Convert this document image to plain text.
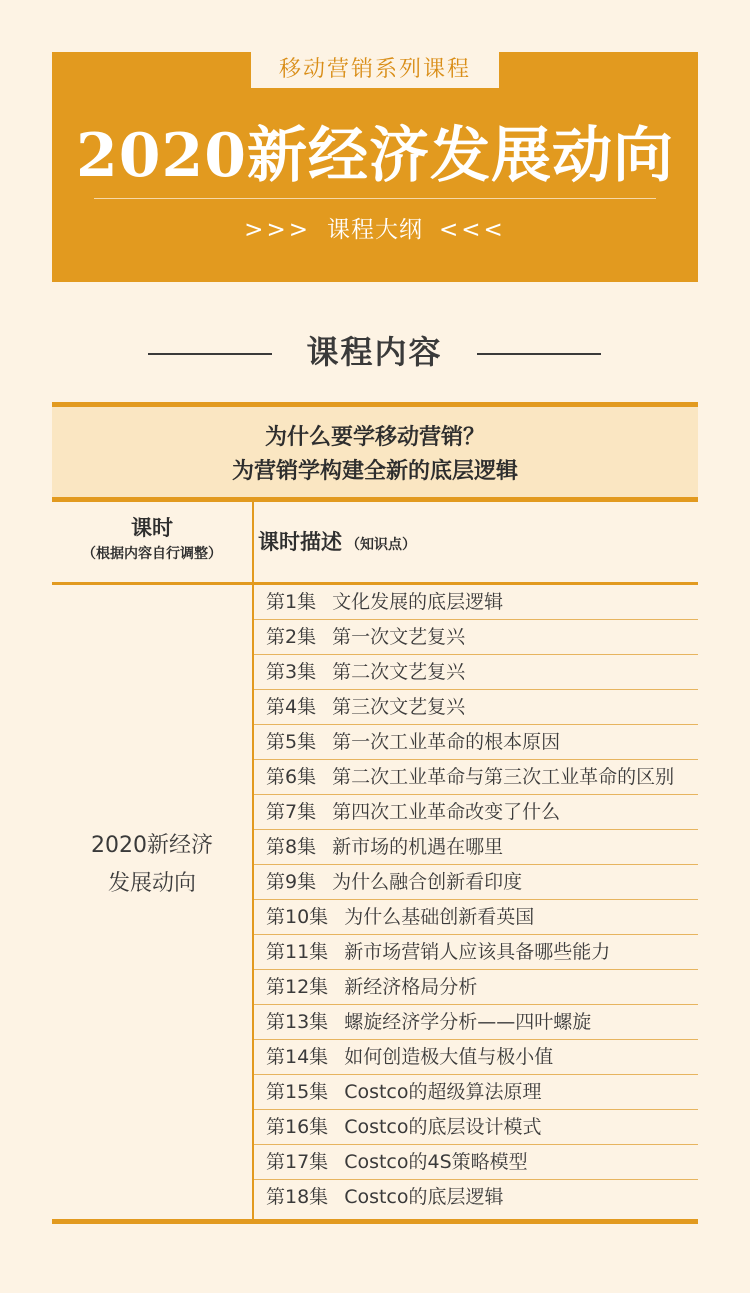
移动营销系列课程
2020新经济发展动向
>>> 课程大纲 <<<
课程内容
为什么要学移动营销？
为营销学构建全新的底层逻辑
课时
（根据内容自行调整）	课时描述 （知识点）
2020新经济
发展动向
第1集 文化发展的底层逻辑
第2集 第一次文艺复兴
第3集 第二次文艺复兴
第4集 第三次文艺复兴
第5集 第一次工业革命的根本原因
第6集 第二次工业革命与第三次工业革命的区别
第7集 第四次工业革命改变了什么
第8集 新市场的机遇在哪里
第9集 为什么融合创新看印度
第10集 为什么基础创新看英国
第11集 新市场营销人应该具备哪些能力
第12集 新经济格局分析
第13集 螺旋经济学分析——四叶螺旋
第14集 如何创造极大值与极小值
第15集 Costco的超级算法原理
第16集 Costco的底层设计模式
第17集 Costco的4S策略模型
第18集 Costco的底层逻辑
